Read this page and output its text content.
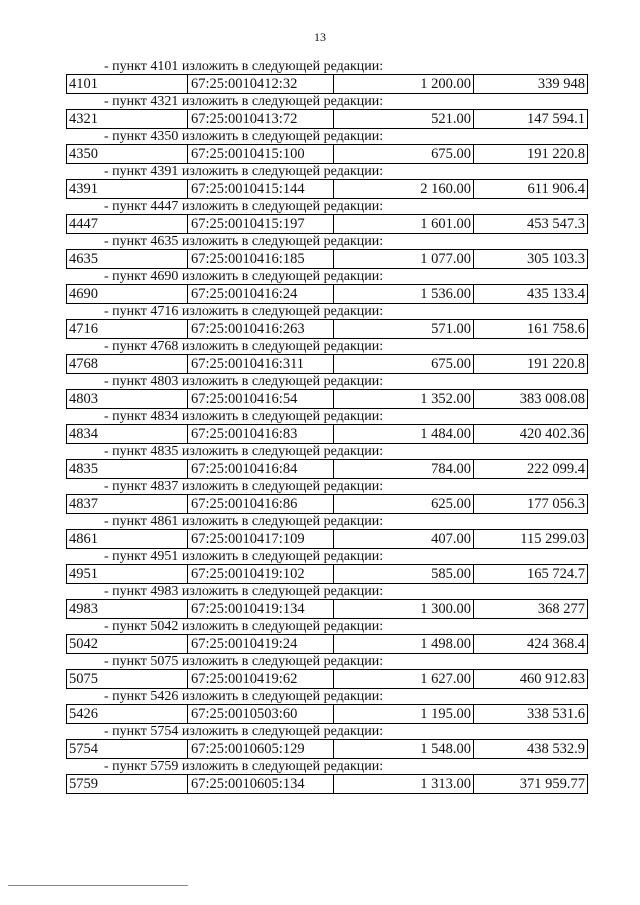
13
- пункт 4101 изложить в следующей редакции:
4101	67:25:0010412:32	1 200.00	339 948
- пункт 4321 изложить в следующей редакции:
4321	67:25:0010413:72	521.00	147 594.1
- пункт 4350 изложить в следующей редакции:
4350	67:25:0010415:100	675.00	191 220.8
- пункт 4391 изложить в следующей редакции:
4391	67:25:0010415:144	2 160.00	611 906.4
- пункт 4447 изложить в следующей редакции:
4447	67:25:0010415:197	1 601.00	453 547.3
- пункт 4635 изложить в следующей редакции:
4635	67:25:0010416:185	1 077.00	305 103.3
- пункт 4690 изложить в следующей редакции:
4690	67:25:0010416:24	1 536.00	435 133.4
- пункт 4716 изложить в следующей редакции:
4716	67:25:0010416:263	571.00	161 758.6
- пункт 4768 изложить в следующей редакции:
4768	67:25:0010416:311	675.00	191 220.8
- пункт 4803 изложить в следующей редакции:
4803	67:25:0010416:54	1 352.00	383 008.08
- пункт 4834 изложить в следующей редакции:
4834	67:25:0010416:83	1 484.00	420 402.36
- пункт 4835 изложить в следующей редакции:
4835	67:25:0010416:84	784.00	222 099.4
- пункт 4837 изложить в следующей редакции:
4837	67:25:0010416:86	625.00	177 056.3
- пункт 4861 изложить в следующей редакции:
4861	67:25:0010417:109	407.00	115 299.03
- пункт 4951 изложить в следующей редакции:
4951	67:25:0010419:102	585.00	165 724.7
- пункт 4983 изложить в следующей редакции:
4983	67:25:0010419:134	1 300.00	368 277
- пункт 5042 изложить в следующей редакции:
5042	67:25:0010419:24	1 498.00	424 368.4
- пункт 5075 изложить в следующей редакции:
5075	67:25:0010419:62	1 627.00	460 912.83
- пункт 5426 изложить в следующей редакции:
5426	67:25:0010503:60	1 195.00	338 531.6
- пункт 5754 изложить в следующей редакции:
5754	67:25:0010605:129	1 548.00	438 532.9
- пункт 5759 изложить в следующей редакции:
5759	67:25:0010605:134	1 313.00	371 959.77
